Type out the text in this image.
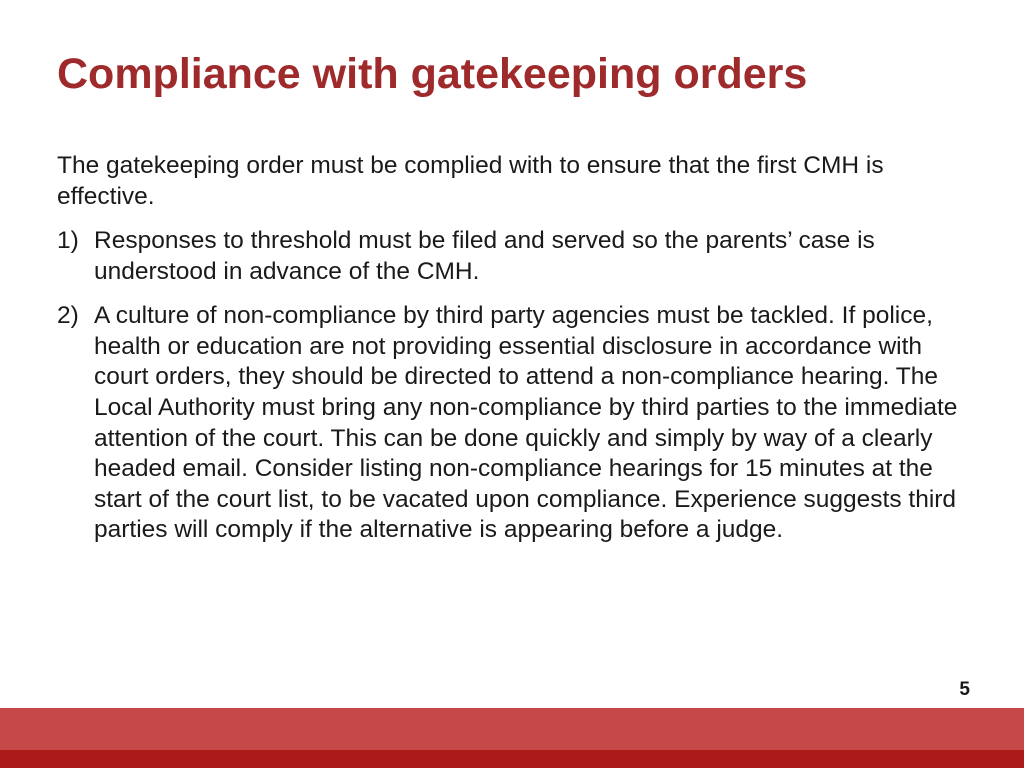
Compliance with gatekeeping orders

The gatekeeping order must be complied with to ensure that the first CMH is effective.

1) Responses to threshold must be filed and served so the parents’ case is understood in advance of the CMH.
2) A culture of non-compliance by third party agencies must be tackled. If police, health or education are not providing essential disclosure in accordance with court orders, they should be directed to attend a non-compliance hearing. The Local Authority must bring any non-compliance by third parties to the immediate attention of the court. This can be done quickly and simply by way of a clearly headed email. Consider listing non-compliance hearings for 15 minutes at the start of the court list, to be vacated upon compliance. Experience suggests third parties will comply if the alternative is appearing before a judge.
5
